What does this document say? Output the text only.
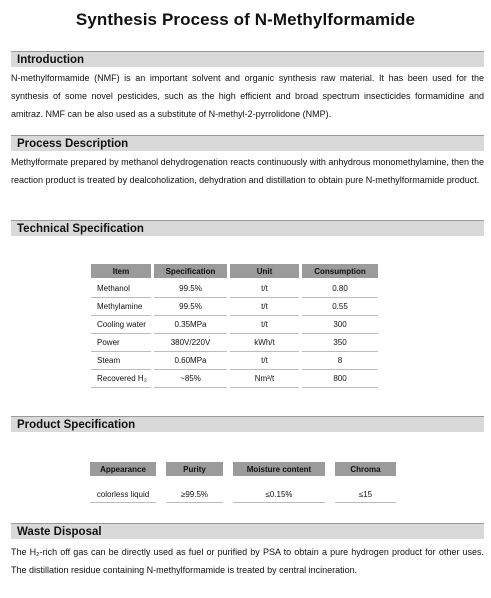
Synthesis Process of N-Methylformamide
Introduction

N-methylformamide (NMF) is an important solvent and organic synthesis raw material. It has been used for the synthesis of some novel pesticides, such as the high efficient and broad spectrum insecticides formamidine and amitraz. NMF can be also used as a substitute of N-methyl-2-pyrrolidone (NMP).

Process Description

Methylformate prepared by methanol dehydrogenation reacts continuously with anhydrous monomethylamine, then the reaction product is treated by dealcoholization, dehydration and distillation to obtain pure N-methylformamide product.

Technical Specification
Item	Specification	Unit	Consumption
Methanol	99.5%	t/t	0.80
Methylamine	99.5%	t/t	0.55
Cooling water	0.35MPa	t/t	300
Power	380V/220V	kWh/t	350
Steam	0.60MPa	t/t	8
Recovered H₂	~85%	Nm³/t	800
Product Specification
Appearance	Purity	Moisture content	Chroma

colorless liquid	≥99.5%	≤0.15%	≤15
Waste Disposal

The H₂-rich off gas can be directly used as fuel or purified by PSA to obtain a pure hydrogen product for other uses. The distillation residue containing N-methylformamide is treated by central incineration.
